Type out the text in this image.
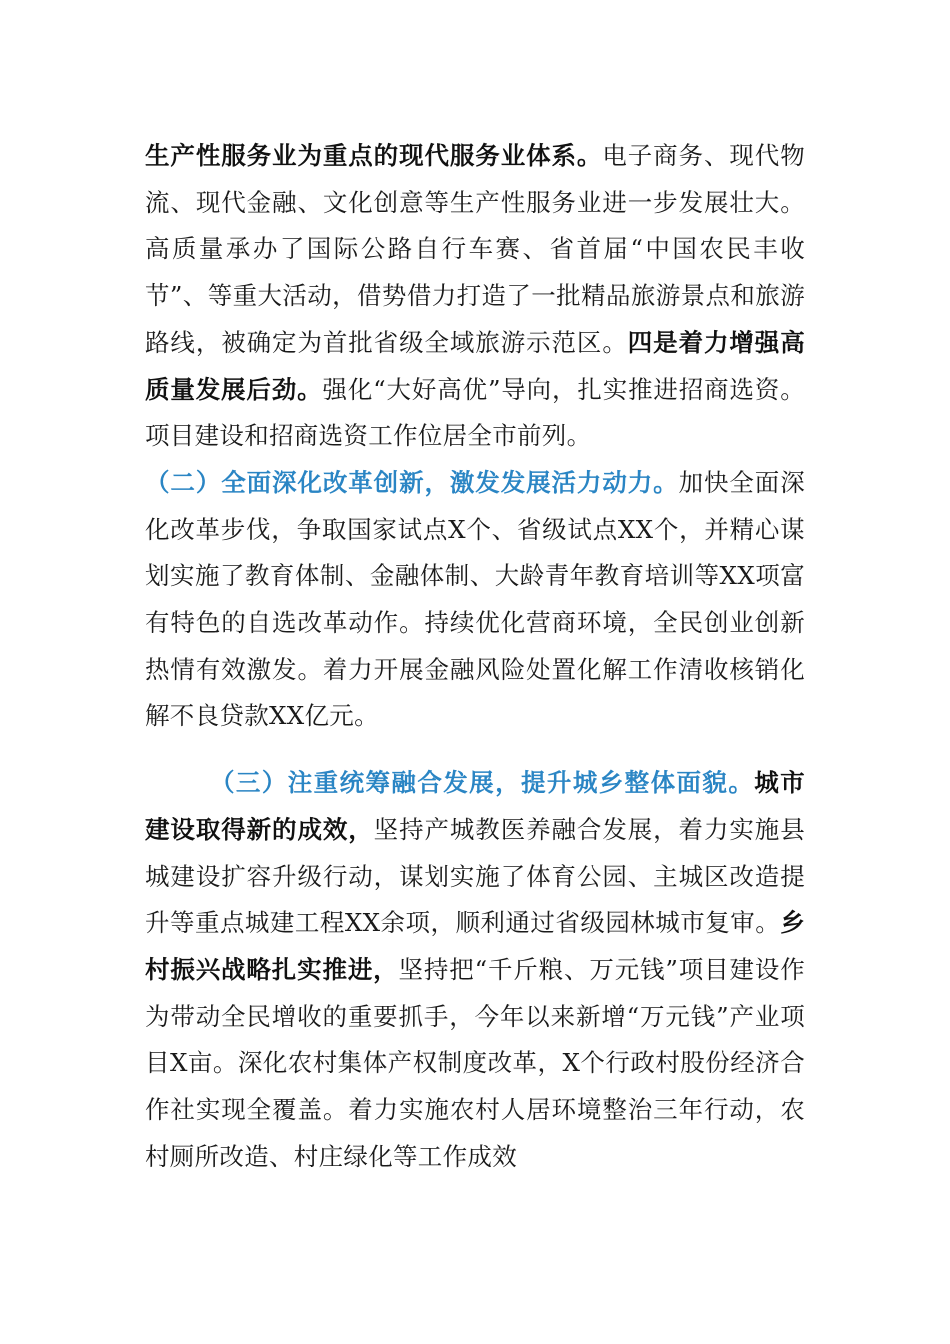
生产性服务业为重点的现代服务业体系。电子商务、现代物流、现代金融、文化创意等生产性服务业进一步发展壮大。高质量承办了国际公路自行车赛、省首届“中国农民丰收节”、等重大活动，借势借力打造了一批精品旅游景点和旅游路线，被确定为首批省级全域旅游示范区。四是着力增强高质量发展后劲。强化“大好高优”导向，扎实推进招商选资。项目建设和招商选资工作位居全市前列。

（二）全面深化改革创新，激发发展活力动力。加快全面深化改革步伐，争取国家试点X个、省级试点XX个，并精心谋划实施了教育体制、金融体制、大龄青年教育培训等XX项富有特色的自选改革动作。持续优化营商环境，全民创业创新热情有效激发。着力开展金融风险处置化解工作清收核销化解不良贷款XX亿元。

（三）注重统筹融合发展，提升城乡整体面貌。城市建设取得新的成效，坚持产城教医养融合发展，着力实施县城建设扩容升级行动，谋划实施了体育公园、主城区改造提升等重点城建工程XX余项，顺利通过省级园林城市复审。乡村振兴战略扎实推进，坚持把“千斤粮、万元钱”项目建设作为带动全民增收的重要抓手，今年以来新增“万元钱”产业项目X亩。深化农村集体产权制度改革，X个行政村股份经济合作社实现全覆盖。着力实施农村人居环境整治三年行动，农村厕所改造、村庄绿化等工作成效
